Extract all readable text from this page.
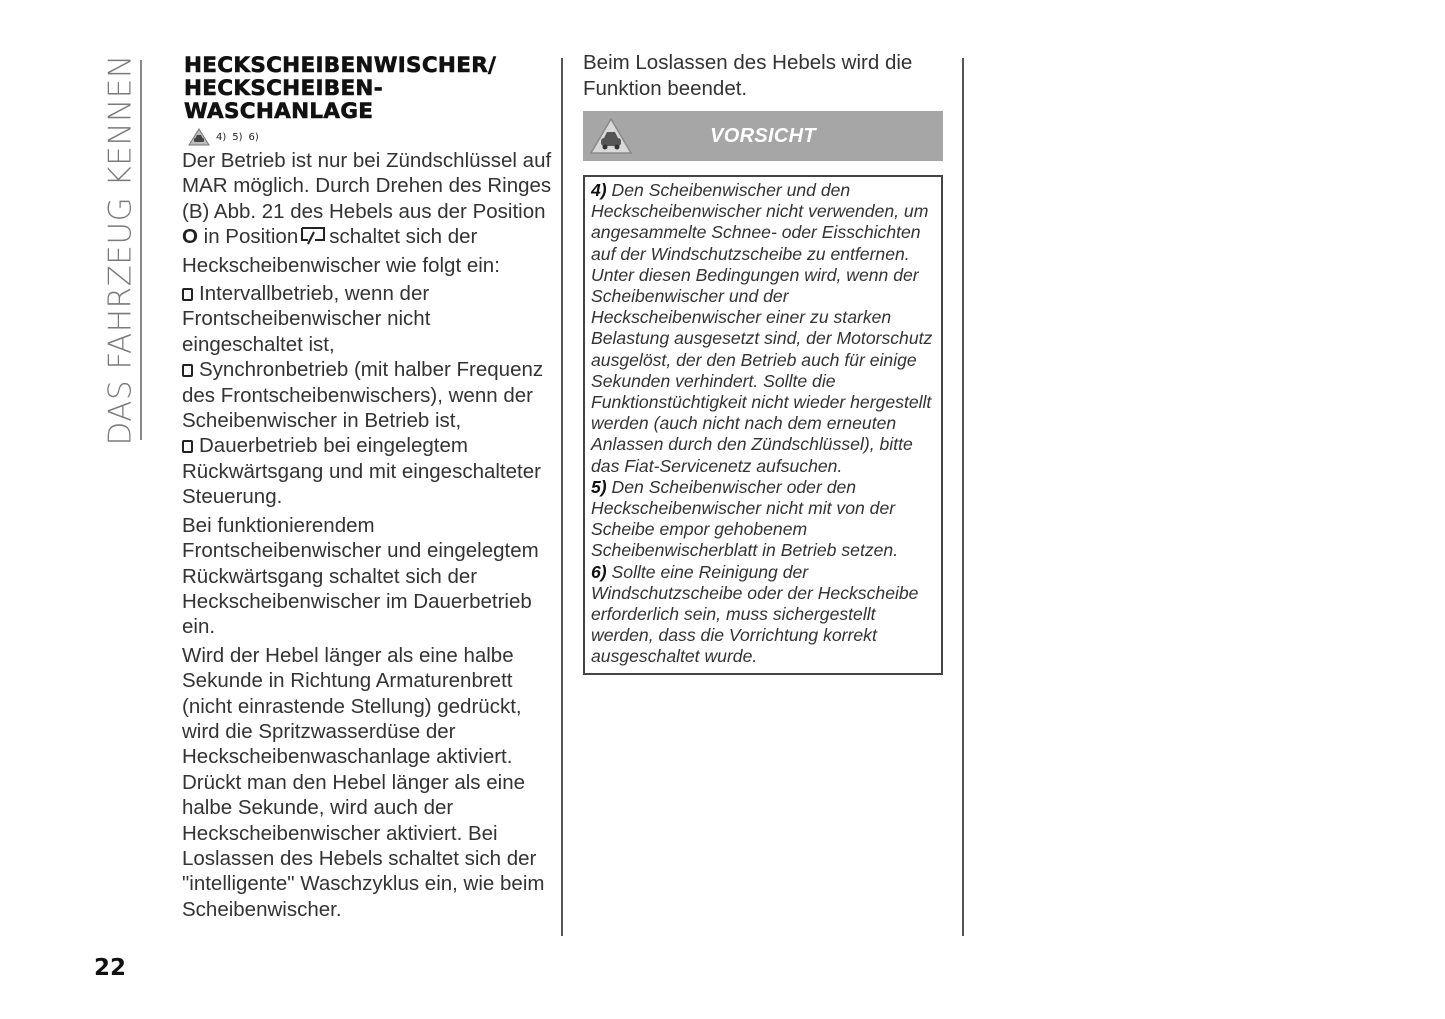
DAS FAHRZEUG KENNEN
22
HECKSCHEIBENWISCHER/
HECKSCHEIBEN-
WASCHANLAGE
4) 5) 6)

Der Betrieb ist nur bei Zündschlüssel auf MAR möglich. Durch Drehen des Ringes (B) Abb. 21 des Hebels aus der Position O in Position schaltet sich der Heckscheibenwischer wie folgt ein:

Intervallbetrieb, wenn der Frontscheibenwischer nicht eingeschaltet ist,

Synchronbetrieb (mit halber Frequenz des Frontscheibenwischers), wenn der Scheibenwischer in Betrieb ist,

Dauerbetrieb bei eingelegtem Rückwärtsgang und mit eingeschalteter Steuerung.

Bei funktionierendem Frontscheibenwischer und eingelegtem Rückwärtsgang schaltet sich der Heckscheibenwischer im Dauerbetrieb ein.

Wird der Hebel länger als eine halbe Sekunde in Richtung Armaturenbrett (nicht einrastende Stellung) gedrückt, wird die Spritzwasserdüse der Heckscheibenwaschanlage aktiviert. Drückt man den Hebel länger als eine halbe Sekunde, wird auch der Heckscheibenwischer aktiviert. Bei Loslassen des Hebels schaltet sich der "intelligente" Waschzyklus ein, wie beim Scheibenwischer.

Beim Loslassen des Hebels wird die Funktion beendet.

VORSICHT

4) Den Scheibenwischer und den Heckscheibenwischer nicht verwenden, um angesammelte Schnee- oder Eisschichten auf der Windschutzscheibe zu entfernen. Unter diesen Bedingungen wird, wenn der Scheibenwischer und der Heckscheibenwischer einer zu starken Belastung ausgesetzt sind, der Motorschutz ausgelöst, der den Betrieb auch für einige Sekunden verhindert. Sollte die Funktionstüchtigkeit nicht wieder hergestellt werden (auch nicht nach dem erneuten Anlassen durch den Zündschlüssel), bitte das Fiat-Servicenetz aufsuchen.

5) Den Scheibenwischer oder den Heckscheibenwischer nicht mit von der Scheibe empor gehobenem Scheibenwischerblatt in Betrieb setzen.

6) Sollte eine Reinigung der Windschutzscheibe oder der Heckscheibe erforderlich sein, muss sichergestellt werden, dass die Vorrichtung korrekt ausgeschaltet wurde.
